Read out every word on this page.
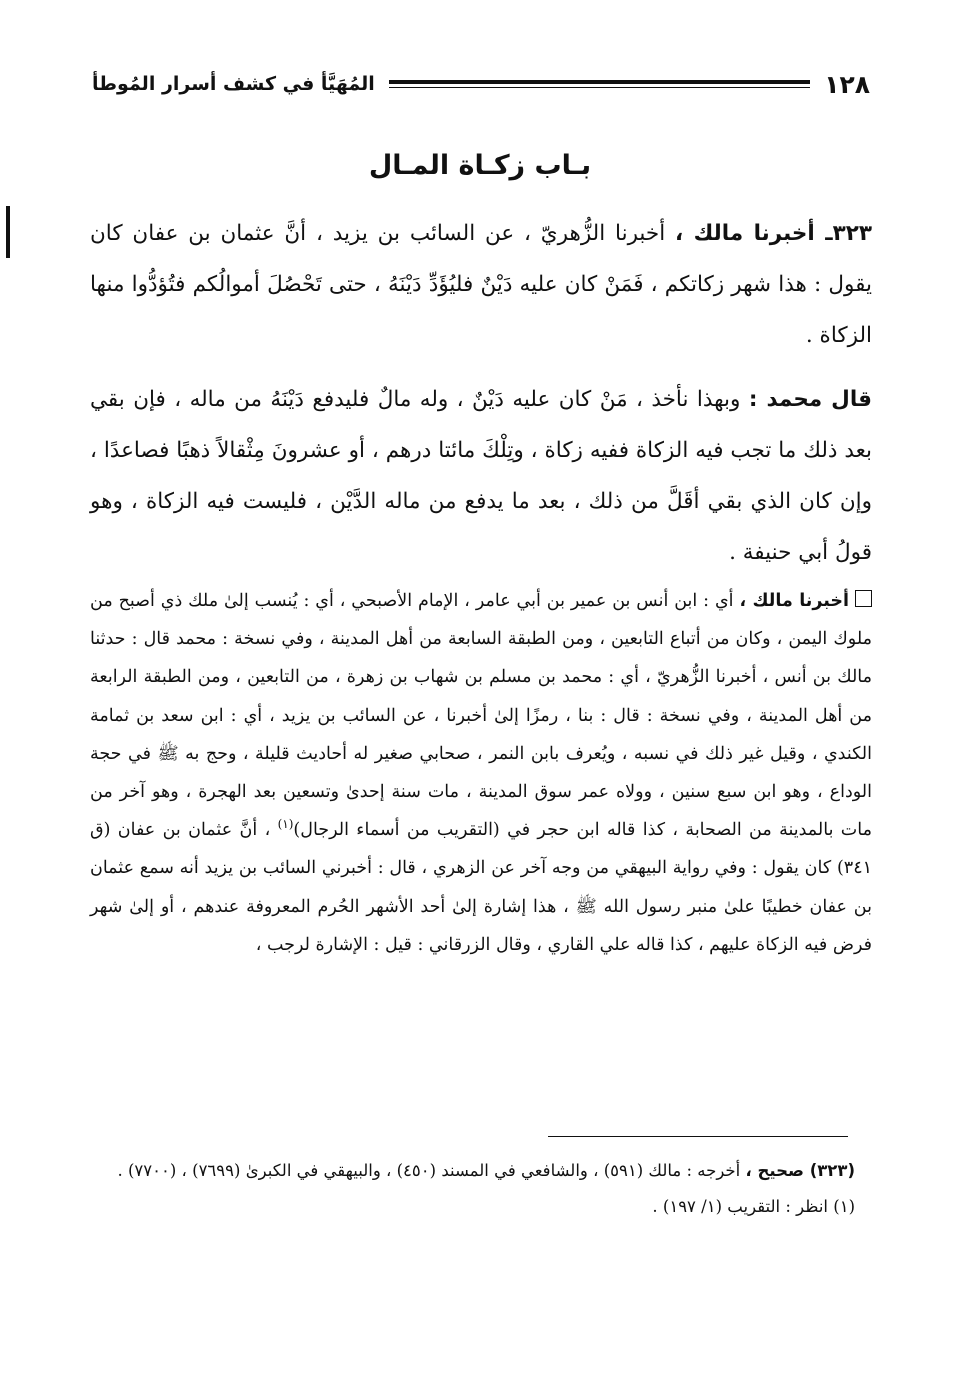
١٢٨
المُهَيَّأ في كشف أسرار المُوطأ
بـاب زكـاة المـال

٣٢٣ـ أخبرنا مالك ، أخبرنا الزُّهريّ ، عن السائب بن يزيد ، أنَّ عثمان بن عفان كان يقول : هذا شهر زكاتكم ، فَمَنْ كان عليه دَيْنٌ فليُؤَدِّ دَيْنَهُ ، حتى تَحْصُلَ أموالُكم فتُؤدُّوا منها الزكاة .

قال محمد : وبهذا نأخذ ، مَنْ كان عليه دَيْنٌ ، وله مالٌ فليدفع دَيْنَهُ من ماله ، فإن بقي بعد ذلك ما تجب فيه الزكاة ففيه زكاة ، وتِلْكَ مائتا درهم ، أو عشرونَ مِثْقالاً ذهبًا فصاعدًا ، وإن كان الذي بقي أقَلَّ من ذلك ، بعد ما يدفع من ماله الدَّيْن ، فليست فيه الزكاة ، وهو قولُ أبي حنيفة .

أخبرنا مالك ، أي : ابن أنس بن عمير بن أبي عامر ، الإمام الأصبحي ، أي : يُنسب إلىٰ ملك ذي أصبح من ملوك اليمن ، وكان من أتباع التابعين ، ومن الطبقة السابعة من أهل المدينة ، وفي نسخة : محمد قال : حدثنا مالك بن أنس ، أخبرنا الزُّهريّ ، أي : محمد بن مسلم بن شهاب بن زهرة ، من التابعين ، ومن الطبقة الرابعة من أهل المدينة ، وفي نسخة : قال : بنا ، رمزًا إلىٰ أخبرنا ، عن السائب بن يزيد ، أي : ابن سعد بن ثمامة الكندي ، وقيل غير ذلك في نسبه ، ويُعرف بابن النمر ، صحابي صغير له أحاديث قليلة ، وحج به ﷺ في حجة الوداع ، وهو ابن سبع سنين ، وولاه عمر سوق المدينة ، مات سنة إحدىٰ وتسعين بعد الهجرة ، وهو آخر من مات بالمدينة من الصحابة ، كذا قاله ابن حجر في (التقريب من أسماء الرجال)$^{(١)}$ ، أنَّ عثمان بن عفان (ق ٣٤١) كان يقول : وفي رواية البيهقي من وجه آخر عن الزهري ، قال : أخبرني السائب بن يزيد أنه سمع عثمان بن عفان خطيبًا علىٰ منبر رسول الله ﷺ ، هذا إشارة إلىٰ أحد الأشهر الحُرم المعروفة عندهم ، أو إلىٰ شهر فرض فيه الزكاة عليهم ، كذا قاله علي القاري ، وقال الزرقاني : قيل : الإشارة لرجب ،

(٣٢٣) صحيح ، أخرجه : مالك (٥٩١) ، والشافعي في المسند (٤٥٠) ، والبيهقي في الكبرىٰ (٧٦٩٩) ، (٧٧٠٠) .

(١) انظر : التقريب (١/ ١٩٧) .
